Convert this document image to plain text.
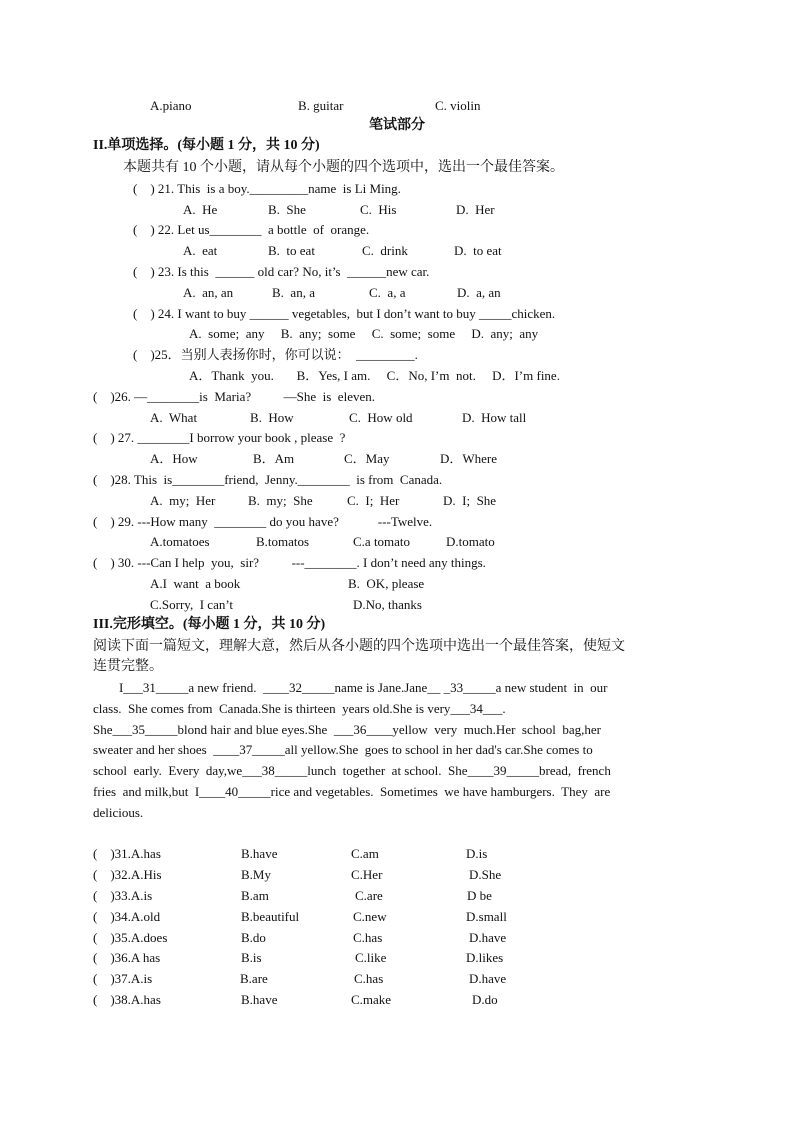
A.piano	B. guitar	C. violin
笔试部分
II.单项选择。(每小题 1 分，共 10 分)
本题共有 10 个小题，请从每个小题的四个选项中，选出一个最佳答案。
(    ) 21. This  is a boy._________name  is Li Ming.
A.  He	B.  She	C.  His	D.  Her
(    ) 22. Let us________  a bottle  of  orange.
A.  eat	B.  to eat	C.  drink	D.  to eat
(    ) 23. Is this  ______ old car? No, it’s  ______new car.
A.  an, an	B.  an, a	C.  a, a	D.  a, an
(    ) 24. I want to buy ______ vegetables,  but I don’t want to buy _____chicken.
A.  some;  any     B.  any;  some     C.  some;  some     D.  any;  any
(    )25．当别人表扬你时，你可以说：  _________.
A．Thank  you.       B．Yes, I am.     C．No, I’m  not.     D．I’m fine.
(    )26. —________is  Maria?          —She  is  eleven.
A.  What	B.  How	C.  How old	D.  How tall
(    ) 27. ________I borrow your book , please  ?
A．How	B．Am	C．May	D．Where
(    )28. This  is________friend,  Jenny.________  is from  Canada.
A.  my;  Her	B.  my;  She	C.  I;  Her	D.  I;  She
(    ) 29. ---How many  ________ do you have?            ---Twelve.
A.tomatoes	B.tomatos	C.a tomato	D.tomato
(    ) 30. ---Can I help  you,  sir?          ---________. I don’t need any things.
A.I  want  a book	B.  OK, please
C.Sorry,  I can’t	D.No, thanks
III.完形填空。(每小题 1 分，共 10 分)
阅读下面一篇短文，理解大意，然后从各小题的四个选项中选出一个最佳答案，使短文
连贯完整。
I___31_____a new friend.  ____32_____name is Jane.Jane__ _33_____a new student  in  our
class.  She comes from  Canada.She is thirteen  years old.She is very___34___.
She___35_____blond hair and blue eyes.She  ___36____yellow  very  much.Her  school  bag,her
sweater and her shoes  ____37_____all yellow.She  goes to school in her dad's car.She comes to
school  early.  Every  day,we___38_____lunch  together  at school.  She____39_____bread,  french
fries  and milk,but  I____40_____rice and vegetables.  Sometimes  we have hamburgers.  They  are
delicious.
(    )31.A.has	B.have	C.am	D.is
(    )32.A.His	B.My	C.Her	D.She
(    )33.A.is	B.am	C.are	D be
(    )34.A.old	B.beautiful	C.new	D.small
(    )35.A.does	B.do	C.has	D.have
(    )36.A has	B.is	C.like	D.likes
(    )37.A.is	B.are	C.has	D.have
(    )38.A.has	B.have	C.make	D.do
